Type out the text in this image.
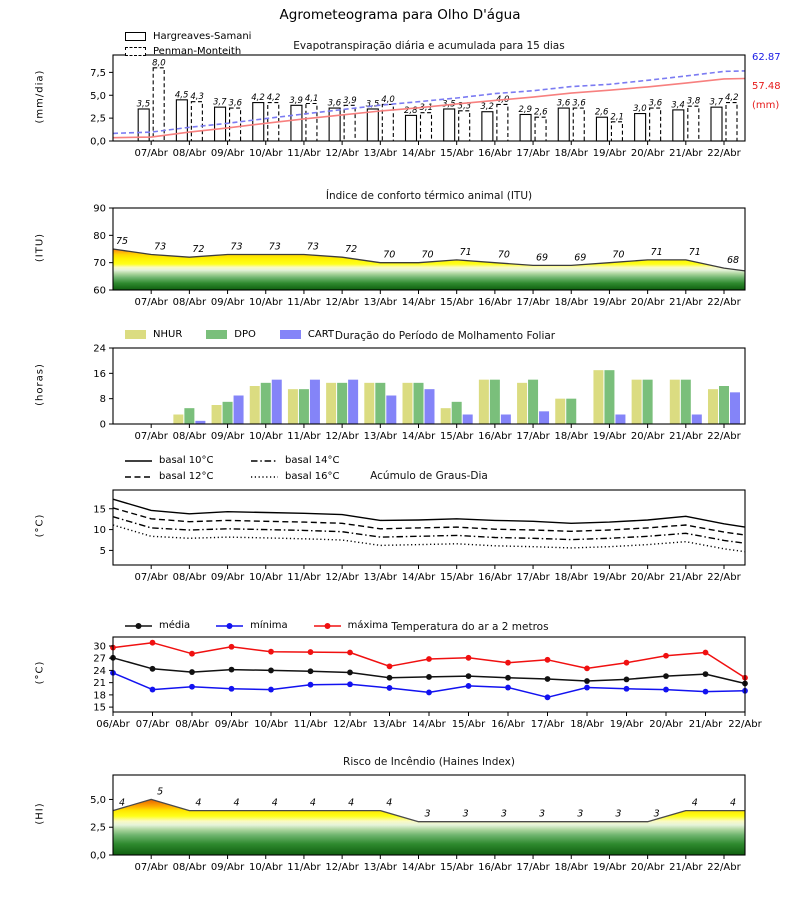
3,5
8,0
4,5 4,3
3,7 3,6
4,2 4,2 3,9 4,1 3,6 3,9 3,5 4,0
2,8 3,1 3,5 3,3 3,2
4,0
2,9 2,6
3,6 3,6
2,6 2,1
3,0
3,6 3,4 3,8 3,7 4,2
0,0
2,5
5,0
7,5
07/Abr 08/Abr 09/Abr 10/Abr 11/Abr 12/Abr 13/Abr 14/Abr 15/Abr 16/Abr 17/Abr 18/Abr 19/Abr 20/Abr 21/Abr 22/Abr
75	73	72	73	73	73	72	70	70	71	70	69	69	70	71	71
68
60
70
80
90
07/Abr 08/Abr 09/Abr 10/Abr 11/Abr 12/Abr 13/Abr 14/Abr 15/Abr 16/Abr 17/Abr 18/Abr 19/Abr 20/Abr 21/Abr 22/Abr
0
8
16
24
07/Abr 08/Abr 09/Abr 10/Abr 11/Abr 12/Abr 13/Abr 14/Abr 15/Abr 16/Abr 17/Abr 18/Abr 19/Abr 20/Abr 21/Abr 22/Abr
5
10
15
07/Abr 08/Abr 09/Abr 10/Abr 11/Abr 12/Abr 13/Abr 14/Abr 15/Abr 16/Abr 17/Abr 18/Abr 19/Abr 20/Abr 21/Abr 22/Abr
15
18
21
24
27
30
06/Abr 07/Abr 08/Abr 09/Abr 10/Abr 11/Abr 12/Abr 13/Abr 14/Abr 15/Abr 16/Abr 17/Abr 18/Abr 19/Abr 20/Abr 21/Abr 22/Abr
4
5
4	4	4	4	4	4
3	3	3	3	3	3	3
4	4
0,0
2,5
5,0
07/Abr 08/Abr 09/Abr 10/Abr 11/Abr 12/Abr 13/Abr 14/Abr 15/Abr 16/Abr 17/Abr 18/Abr 19/Abr 20/Abr 21/Abr 22/Abr
Agrometeograma para Olho D'água
Evapotranspiração diária e acumulada para 15 dias
(mm/dia)
Hargreaves-Samani
Penman-Monteith
62.87
57.48
(mm)
Índice de conforto térmico animal (ITU)
(ITU)
Duração do Período de Molhamento Foliar
(horas)
NHUR	DPO	CART
Acúmulo de Graus-Dia
(°C)
basal 10°C
basal 12°C
basal 14°C
basal 16°C
Temperatura do ar a 2 metros
(°C)
média	mínima	máxima
Risco de Incêndio (Haines Index)
(HI)
